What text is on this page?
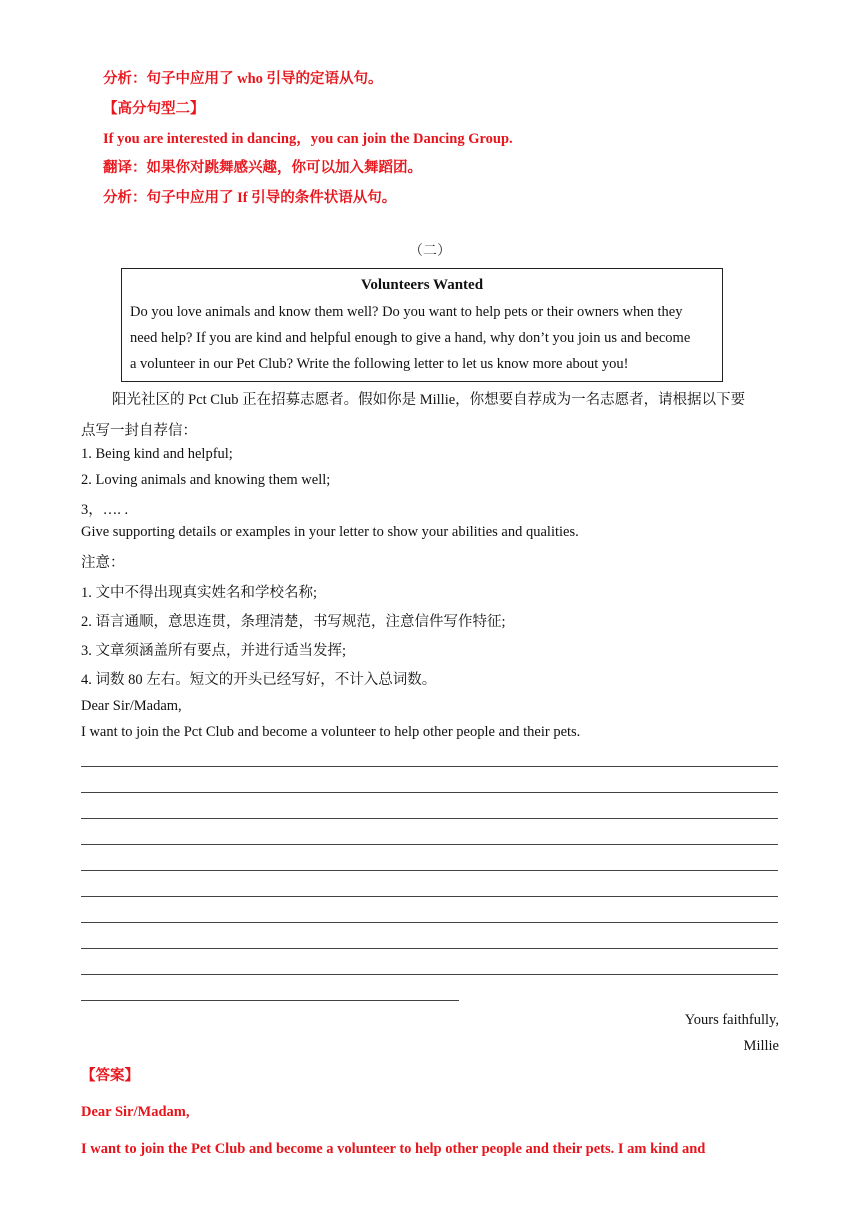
分析：句子中应用了 who 引导的定语从句。
【高分句型二】
If you are interested in dancing，you can join the Dancing Group.
翻译：如果你对跳舞感兴趣，你可以加入舞蹈团。
分析：句子中应用了 If 引导的条件状语从句。
（二）
Volunteers Wanted
Do you love animals and know them well? Do you want to help pets or their owners when they
need help? If you are kind and helpful enough to give a hand, why don’t you join us and become
a volunteer in our Pet Club? Write the following letter to let us know more about you!
阳光社区的 Pct Club 正在招募志愿者。假如你是 Millie，你想要自荐成为一名志愿者，请根据以下要
点写一封自荐信：
1. Being kind and helpful;
2. Loving animals and knowing them well;
3，…. .
Give supporting details or examples in your letter to show your abilities and qualities.
注意：
1. 文中不得出现真实姓名和学校名称;
2. 语言通顺，意思连贯，条理清楚，书写规范，注意信件写作特征;
3. 文章须涵盖所有要点，并进行适当发挥;
4. 词数 80 左右。短文的开头已经写好，不计入总词数。
Dear Sir/Madam,
I want to join the Pct Club and become a volunteer to help other people and their pets.
Yours faithfully,
Millie
【答案】
Dear Sir/Madam,
I want to join the Pet Club and become a volunteer to help other people and their pets. I am kind and
